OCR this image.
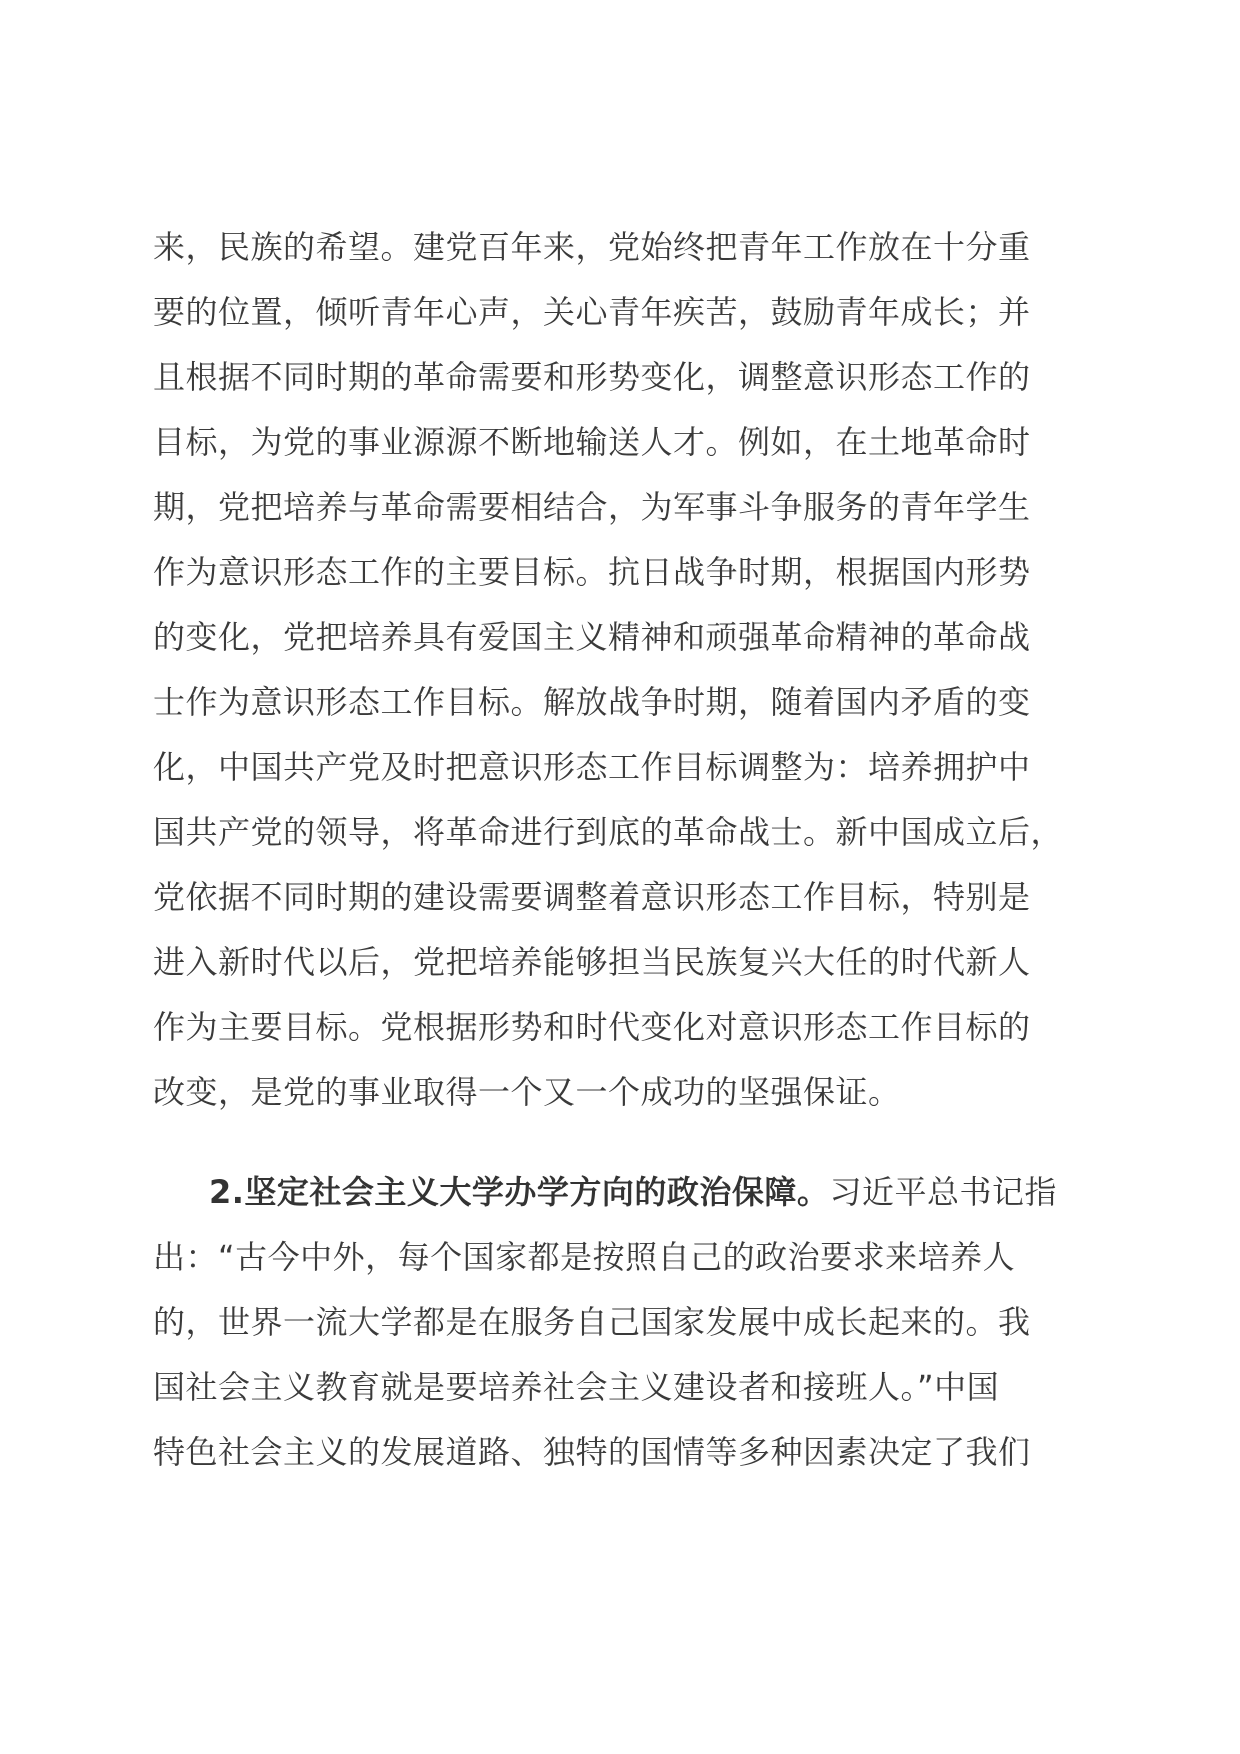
来，民族的希望。建党百年来，党始终把青年工作放在十分重
要的位置，倾听青年心声，关心青年疾苦，鼓励青年成长；并
且根据不同时期的革命需要和形势变化，调整意识形态工作的
目标，为党的事业源源不断地输送人才。例如，在土地革命时
期，党把培养与革命需要相结合，为军事斗争服务的青年学生
作为意识形态工作的主要目标。抗日战争时期，根据国内形势
的变化，党把培养具有爱国主义精神和顽强革命精神的革命战
士作为意识形态工作目标。解放战争时期，随着国内矛盾的变
化，中国共产党及时把意识形态工作目标调整为：培养拥护中
国共产党的领导，将革命进行到底的革命战士。新中国成立后，
党依据不同时期的建设需要调整着意识形态工作目标，特别是
进入新时代以后，党把培养能够担当民族复兴大任的时代新人
作为主要目标。党根据形势和时代变化对意识形态工作目标的
改变，是党的事业取得一个又一个成功的坚强保证。
2.坚定社会主义大学办学方向的政治保障。习近平总书记指
出：“古今中外，每个国家都是按照自己的政治要求来培养人
的，世界一流大学都是在服务自己国家发展中成长起来的。我
国社会主义教育就是要培养社会主义建设者和接班人。”中国
特色社会主义的发展道路、独特的国情等多种因素决定了我们
